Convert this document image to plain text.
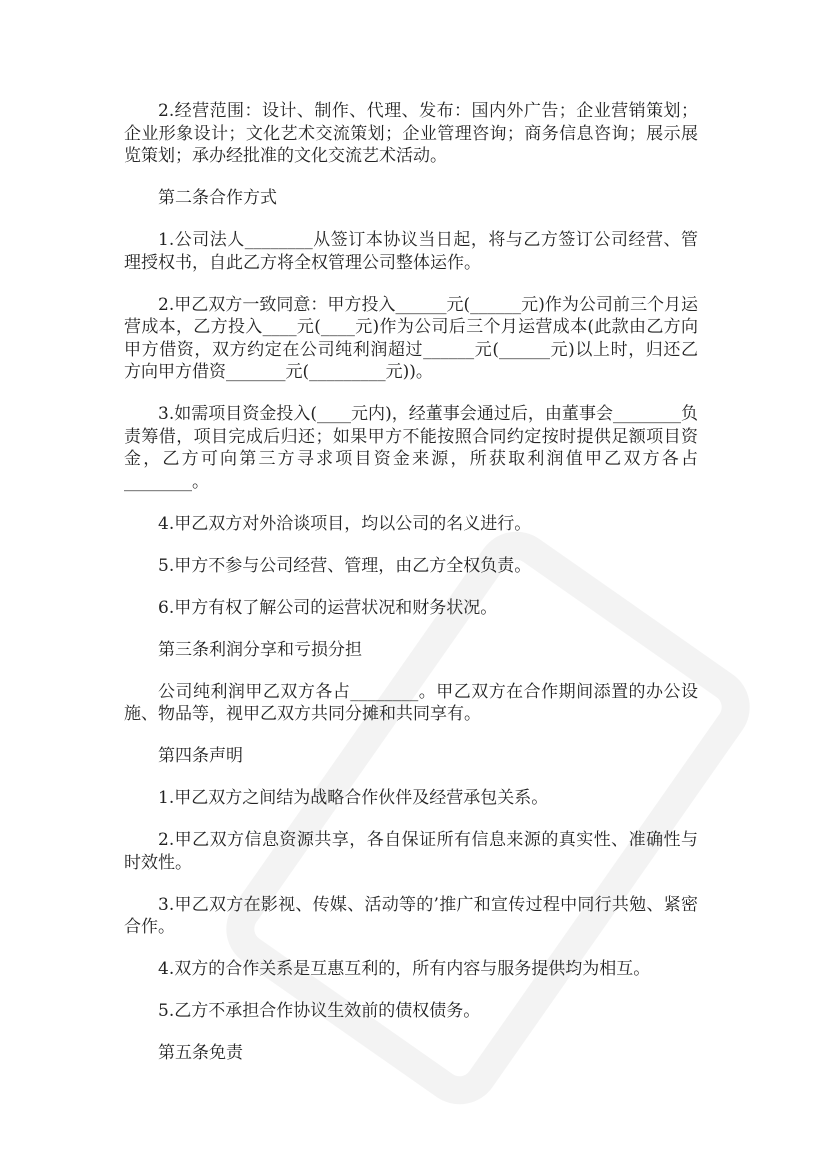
2.经营范围：设计、制作、代理、发布：国内外广告；企业营销策划；企业形象设计；文化艺术交流策划；企业管理咨询；商务信息咨询；展示展览策划；承办经批准的文化交流艺术活动。

第二条合作方式

1.公司法人________从签订本协议当日起，将与乙方签订公司经营、管理授权书，自此乙方将全权管理公司整体运作。

2.甲乙双方一致同意：甲方投入______元(______元)作为公司前三个月运营成本，乙方投入____元(____元)作为公司后三个月运营成本(此款由乙方向甲方借资，双方约定在公司纯利润超过______元(______元)以上时，归还乙方向甲方借资_______元(_________元))。

3.如需项目资金投入(____元内)，经董事会通过后，由董事会________负责筹借，项目完成后归还；如果甲方不能按照合同约定按时提供足额项目资金，乙方可向第三方寻求项目资金来源，所获取利润值甲乙双方各占________。

4.甲乙双方对外洽谈项目，均以公司的名义进行。

5.甲方不参与公司经营、管理，由乙方全权负责。

6.甲方有权了解公司的运营状况和财务状况。

第三条利润分享和亏损分担

公司纯利润甲乙双方各占________。甲乙双方在合作期间添置的办公设施、物品等，视甲乙双方共同分摊和共同享有。

第四条声明

1.甲乙双方之间结为战略合作伙伴及经营承包关系。

2.甲乙双方信息资源共享，各自保证所有信息来源的真实性、准确性与时效性。

3.甲乙双方在影视、传媒、活动等的’推广和宣传过程中同行共勉、紧密合作。

4.双方的合作关系是互惠互利的，所有内容与服务提供均为相互。

5.乙方不承担合作协议生效前的债权债务。

第五条免责
